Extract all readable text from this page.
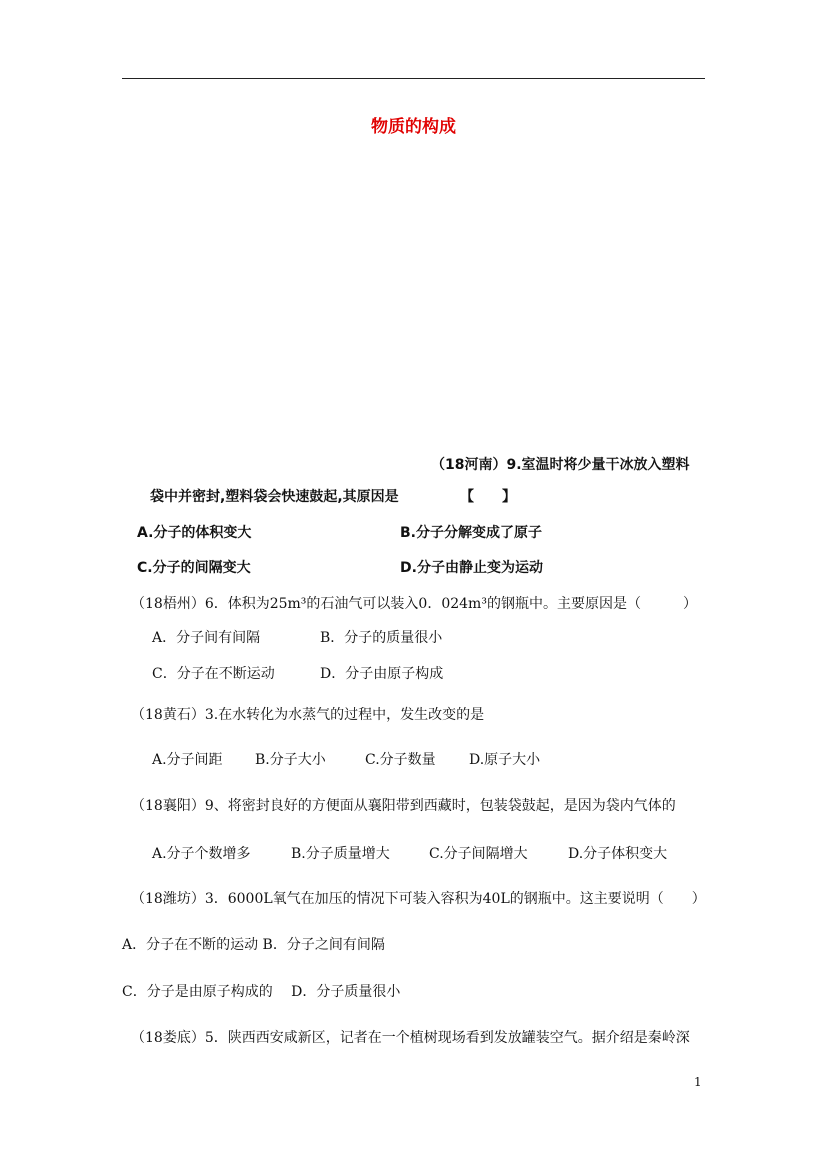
物质的构成
（18河南）9.室温时将少量干冰放入塑料
袋中并密封,塑料袋会快速鼓起,其原因是	【　　】
A.分子的体积变大	B.分子分解变成了原子
C.分子的间隔变大	D.分子由静止变为运动
（18梧州）6．体积为25m³的石油气可以装入0．024m³的钢瓶中。主要原因是（　　　）
A．分子间有间隔	B．分子的质量很小
C．分子在不断运动	D．分子由原子构成
（18黄石）3.在水转化为水蒸气的过程中，发生改变的是
A.分子间距 B.分子大小	C.分子数量 D.原子大小
（18襄阳）9、将密封良好的方便面从襄阳带到西藏时，包装袋鼓起，是因为袋内气体的
A.分子个数增多	B.分子质量增大	C.分子间隔增大	D.分子体积变大
（18潍坊）3．6000L氧气在加压的情况下可装入容积为40L的钢瓶中。这主要说明（　　）
A．分子在不断的运动 B．分子之间有间隔
C．分子是由原子构成的　 D．分子质量很小
（18娄底）5．陕西西安咸新区，记者在一个植树现场看到发放罐装空气。据介绍是秦岭深
1
